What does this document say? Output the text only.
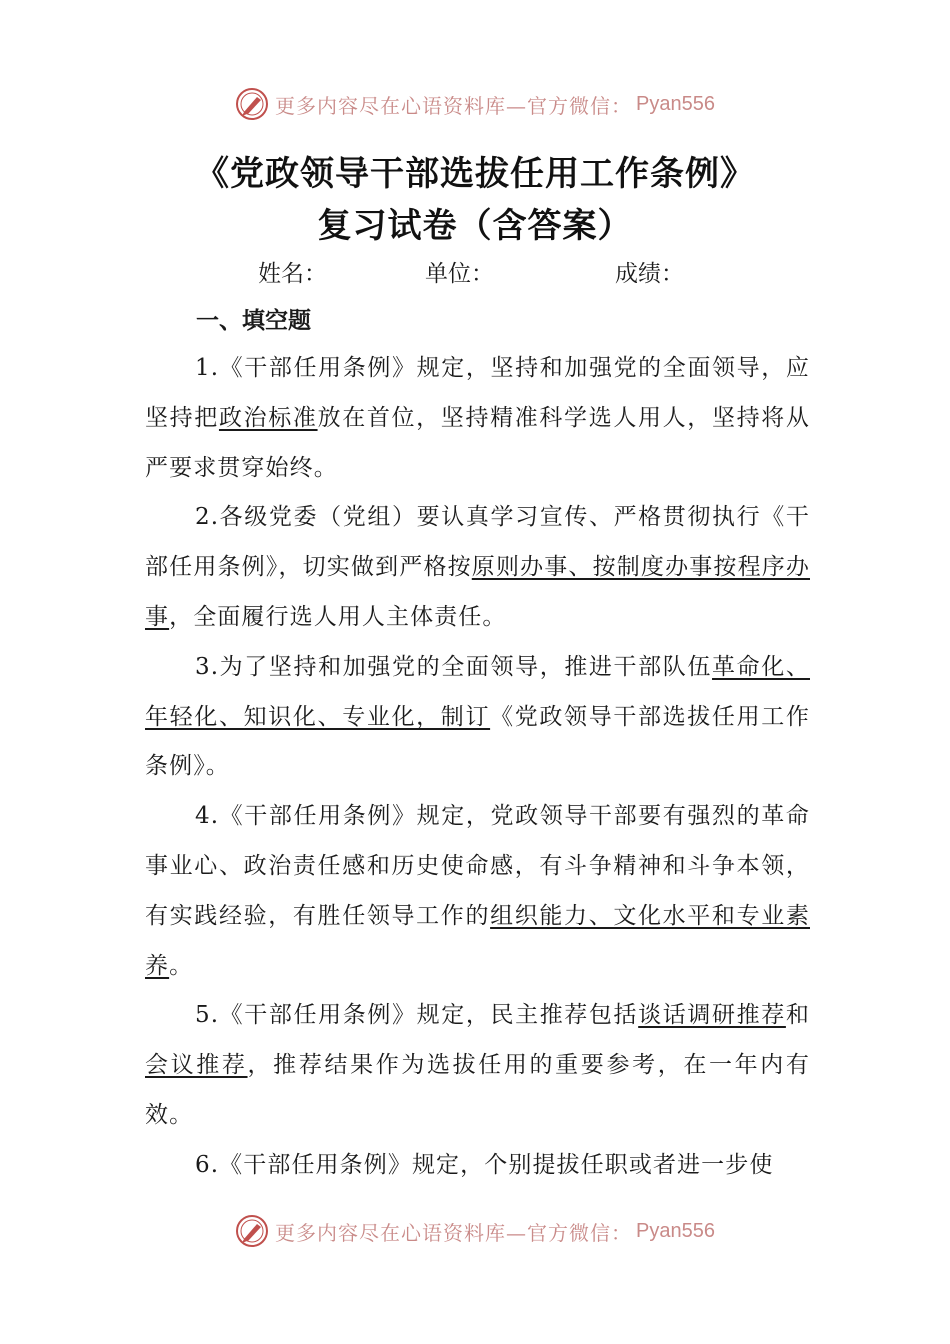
更多内容尽在心语资料库—官方微信： Pyan556
《党政领导干部选拔任用工作条例》
复习试卷（含答案）
姓名：	单位：	成绩：
一、填空题

1.《干部任用条例》规定，坚持和加强党的全面领导，应坚持把政治标准放在首位，坚持精准科学选人用人，坚持将从严要求贯穿始终。

2.各级党委（党组）要认真学习宣传、严格贯彻执行《干部任用条例》，切实做到严格按原则办事、按制度办事按程序办事，全面履行选人用人主体责任。

3.为了坚持和加强党的全面领导，推进干部队伍革命化、年轻化、知识化、专业化，制订《党政领导干部选拔任用工作条例》。

4.《干部任用条例》规定，党政领导干部要有强烈的革命事业心、政治责任感和历史使命感，有斗争精神和斗争本领，有实践经验，有胜任领导工作的组织能力、文化水平和专业素养。

5.《干部任用条例》规定，民主推荐包括谈话调研推荐和会议推荐，推荐结果作为选拔任用的重要参考，在一年内有效。

6.《干部任用条例》规定，个别提拔任职或者进一步使

更多内容尽在心语资料库—官方微信： Pyan556
